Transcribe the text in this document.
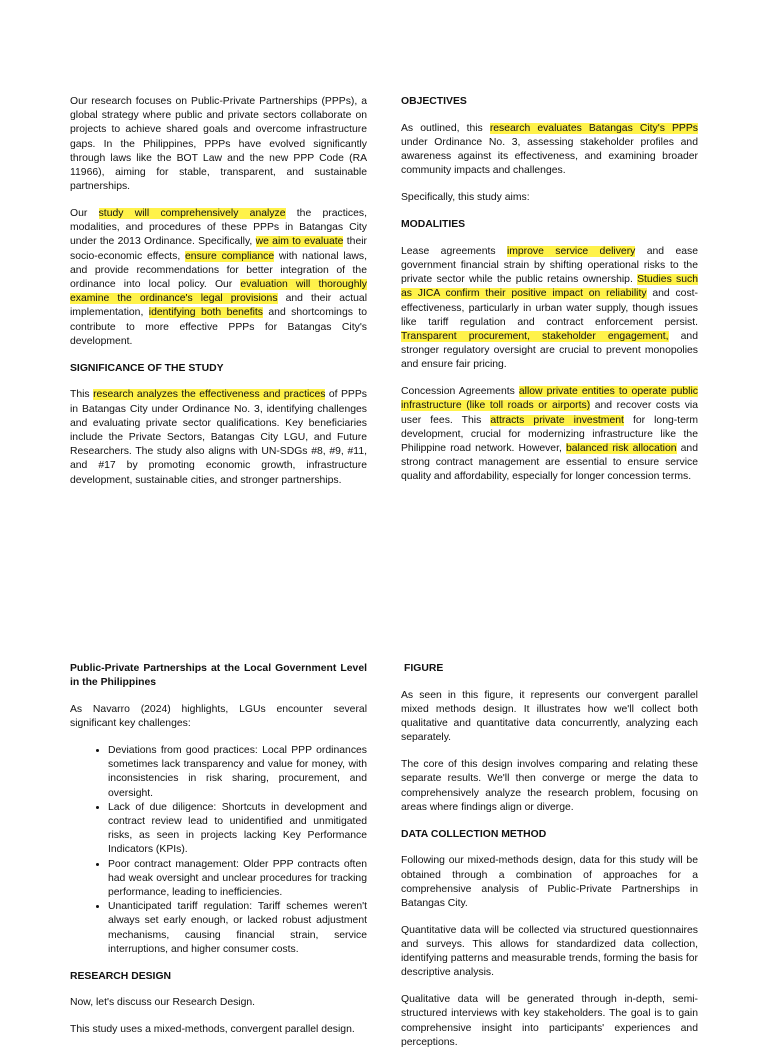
Our research focuses on Public-Private Partnerships (PPPs), a global strategy where public and private sectors collaborate on projects to achieve shared goals and overcome infrastructure gaps. In the Philippines, PPPs have evolved significantly through laws like the BOT Law and the new PPP Code (RA 11966), aiming for stable, transparent, and sustainable partnerships.

Our study will comprehensively analyze the practices, modalities, and procedures of these PPPs in Batangas City under the 2013 Ordinance. Specifically, we aim to evaluate their socio-economic effects, ensure compliance with national laws, and provide recommendations for better integration of the ordinance into local policy. Our evaluation will thoroughly examine the ordinance's legal provisions and their actual implementation, identifying both benefits and shortcomings to contribute to more effective PPPs for Batangas City's development.

SIGNIFICANCE OF THE STUDY

This research analyzes the effectiveness and practices of PPPs in Batangas City under Ordinance No. 3, identifying challenges and evaluating private sector qualifications. Key beneficiaries include the Private Sectors, Batangas City LGU, and Future Researchers. The study also aligns with UN-SDGs #8, #9, #11, and #17 by promoting economic growth, infrastructure development, sustainable cities, and stronger partnerships.

OBJECTIVES

As outlined, this research evaluates Batangas City's PPPs under Ordinance No. 3, assessing stakeholder profiles and awareness against its effectiveness, and examining broader community impacts and challenges.

Specifically, this study aims:

MODALITIES

Lease agreements improve service delivery and ease government financial strain by shifting operational risks to the private sector while the public retains ownership. Studies such as JICA confirm their positive impact on reliability and cost-effectiveness, particularly in urban water supply, though issues like tariff regulation and contract enforcement persist. Transparent procurement, stakeholder engagement, and stronger regulatory oversight are crucial to prevent monopolies and ensure fair pricing.

Concession Agreements allow private entities to operate public infrastructure (like toll roads or airports) and recover costs via user fees. This attracts private investment for long-term development, crucial for modernizing infrastructure like the Philippine road network. However, balanced risk allocation and strong contract management are essential to ensure service quality and affordability, especially for longer concession terms.

Public-Private Partnerships at the Local Government Level in the Philippines

As Navarro (2024) highlights, LGUs encounter several significant key challenges:

• Deviations from good practices: Local PPP ordinances sometimes lack transparency and value for money, with inconsistencies in risk sharing, procurement, and oversight.
• Lack of due diligence: Shortcuts in development and contract review lead to unidentified and unmitigated risks, as seen in projects lacking Key Performance Indicators (KPIs).
• Poor contract management: Older PPP contracts often had weak oversight and unclear procedures for tracking performance, leading to inefficiencies.
• Unanticipated tariff regulation: Tariff schemes weren't always set early enough, or lacked robust adjustment mechanisms, causing financial strain, service interruptions, and higher consumer costs.
RESEARCH DESIGN

Now, let's discuss our Research Design.

This study uses a mixed-methods, convergent parallel design.

FIGURE

As seen in this figure, it represents our convergent parallel mixed methods design. It illustrates how we'll collect both qualitative and quantitative data concurrently, analyzing each separately.

The core of this design involves comparing and relating these separate results. We'll then converge or merge the data to comprehensively analyze the research problem, focusing on areas where findings align or diverge.

DATA COLLECTION METHOD

Following our mixed-methods design, data for this study will be obtained through a combination of approaches for a comprehensive analysis of Public-Private Partnerships in Batangas City.

Quantitative data will be collected via structured questionnaires and surveys. This allows for standardized data collection, identifying patterns and measurable trends, forming the basis for descriptive analysis.

Qualitative data will be generated through in-depth, semi-structured interviews with key stakeholders. The goal is to gain comprehensive insight into participants' experiences and perceptions.
